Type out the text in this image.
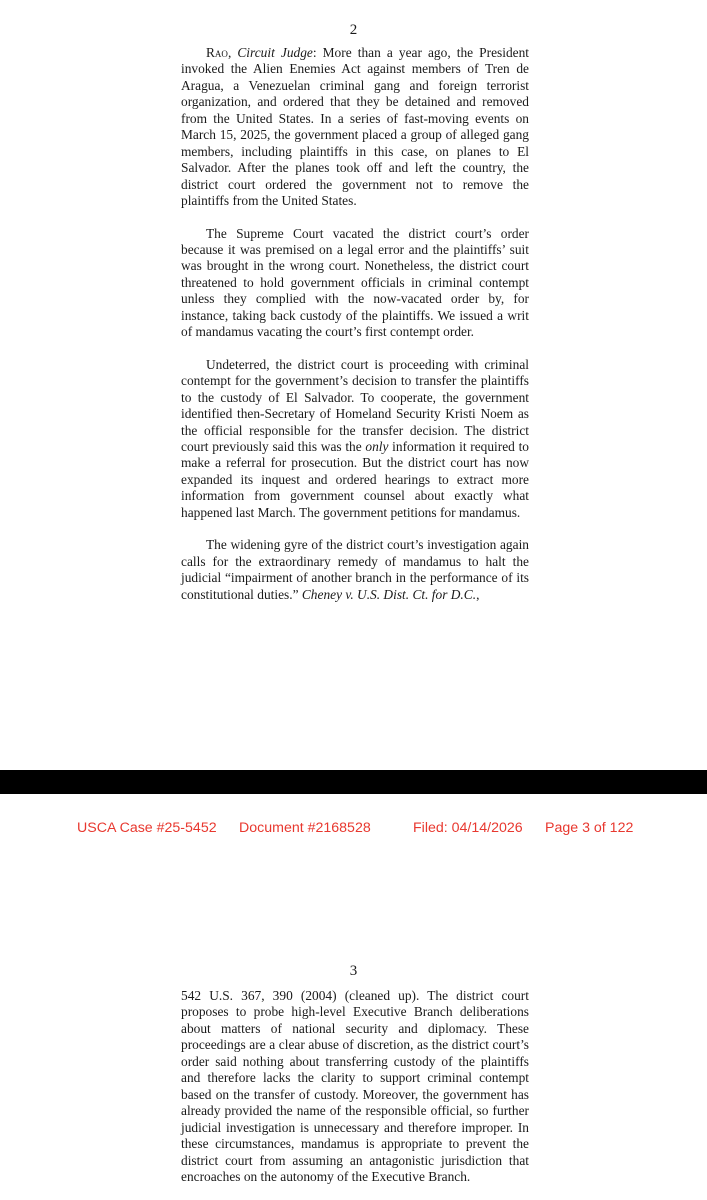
2

Rao, Circuit Judge: More than a year ago, the President invoked the Alien Enemies Act against members of Tren de Aragua, a Venezuelan criminal gang and foreign terrorist organization, and ordered that they be detained and removed from the United States. In a series of fast-moving events on March 15, 2025, the government placed a group of alleged gang members, including plaintiffs in this case, on planes to El Salvador. After the planes took off and left the country, the district court ordered the government not to remove the plaintiffs from the United States.

The Supreme Court vacated the district court’s order because it was premised on a legal error and the plaintiffs’ suit was brought in the wrong court. Nonetheless, the district court threatened to hold government officials in criminal contempt unless they complied with the now-vacated order by, for instance, taking back custody of the plaintiffs. We issued a writ of mandamus vacating the court’s first contempt order.

Undeterred, the district court is proceeding with criminal contempt for the government’s decision to transfer the plaintiffs to the custody of El Salvador. To cooperate, the government identified then-Secretary of Homeland Security Kristi Noem as the official responsible for the transfer decision. The district court previously said this was the only information it required to make a referral for prosecution. But the district court has now expanded its inquest and ordered hearings to extract more information from government counsel about exactly what happened last March. The government petitions for mandamus.

The widening gyre of the district court’s investigation again calls for the extraordinary remedy of mandamus to halt the judicial “impairment of another branch in the performance of its constitutional duties.” Cheney v. U.S. Dist. Ct. for D.C.,

USCA Case #25-5452 Document #2168528	Filed: 04/14/2026 Page 3 of 122
3

542 U.S. 367, 390 (2004) (cleaned up). The district court proposes to probe high-level Executive Branch deliberations about matters of national security and diplomacy. These proceedings are a clear abuse of discretion, as the district court’s order said nothing about transferring custody of the plaintiffs and therefore lacks the clarity to support criminal contempt based on the transfer of custody. Moreover, the government has already provided the name of the responsible official, so further judicial investigation is unnecessary and therefore improper. In these circumstances, mandamus is appropriate to prevent the district court from assuming an antagonistic jurisdiction that encroaches on the autonomy of the Executive Branch.
